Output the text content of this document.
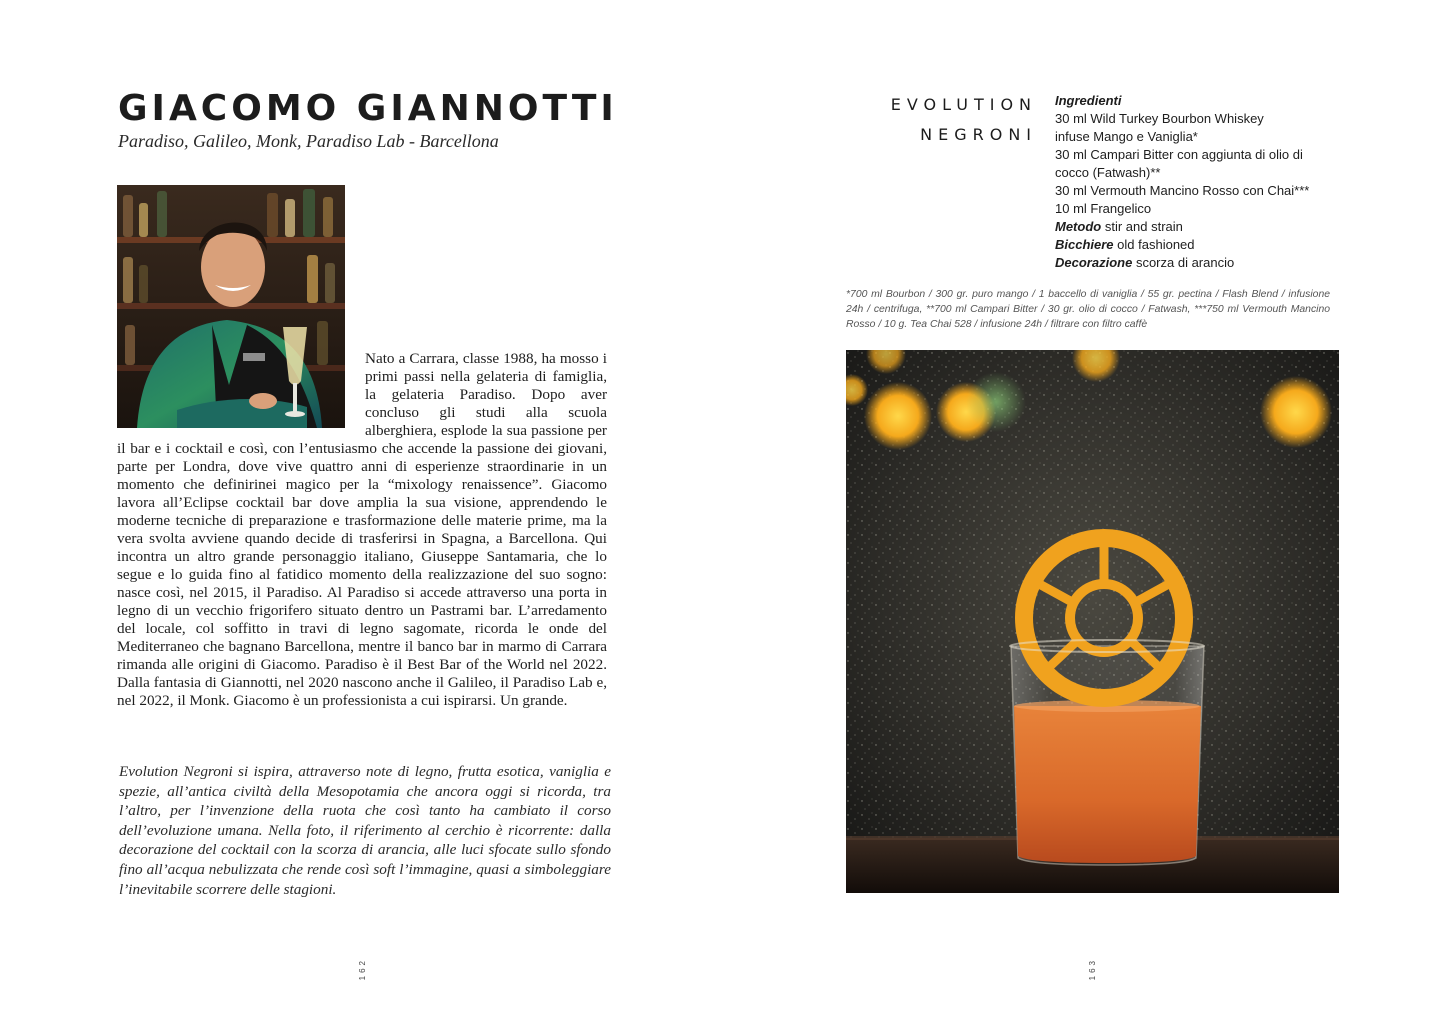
GIACOMO GIANNOTTI
Paradiso, Galileo, Monk, Paradiso Lab - Barcellona

Nato a Carrara, classe 1988, ha mosso i primi passi nella gelateria di famiglia, la gelateria Paradiso. Dopo aver concluso gli studi alla scuola alberghiera, esplode la sua passione per il bar e i cocktail e così, con l’entusiasmo che accende la passione dei giovani, parte per Londra, dove vive quattro anni di esperienze straordinarie in un momento che definirinei magico per la “mixology renaissence”. Giacomo lavora all’Eclipse cocktail bar dove amplia la sua visione, apprendendo le moderne tecniche di preparazione e trasformazione delle materie prime, ma la vera svolta avviene quando decide di trasferirsi in Spagna, a Barcellona. Qui incontra un altro grande personaggio italiano, Giuseppe Santamaria, che lo segue e lo guida fino al fatidico momento della realizzazione del suo sogno: nasce così, nel 2015, il Paradiso. Al Paradiso si accede attraverso una porta in legno di un vecchio frigorifero situato dentro un Pastrami bar. L’arredamento del locale, col soffitto in travi di legno sagomate, ricorda le onde del Mediterraneo che bagnano Barcellona, mentre il banco bar in marmo di Carrara rimanda alle origini di Giacomo. Paradiso è il Best Bar of the World nel 2022. Dalla fantasia di Giannotti, nel 2020 nascono anche il Galileo, il Paradiso Lab e, nel 2022, il Monk. Giacomo è un professionista a cui ispirarsi. Un grande.

Evolution Negroni si ispira, attraverso note di legno, frutta esotica, vaniglia e spezie, all’antica civiltà della Mesopotamia che ancora oggi si ricorda, tra l’altro, per l’invenzione della ruota che così tanto ha cambiato il corso dell’evoluzione umana. Nella foto, il riferimento al cerchio è ricorrente: dalla decorazione del cocktail con la scorza di arancia, alle luci sfocate sullo sfondo fino all’acqua nebulizzata che rende così soft l’immagine, quasi a simboleggiare l’inevitabile scorrere delle stagioni.

162
EVOLUTION
NEGRONI
Ingredienti
30 ml Wild Turkey Bourbon Whiskey
infuse Mango e Vaniglia*
30 ml Campari Bitter con aggiunta di olio di cocco (Fatwash)**
30 ml Vermouth Mancino Rosso con Chai***
10 ml Frangelico
Metodo stir and strain
Bicchiere old fashioned
Decorazione scorza di arancio
*700 ml Bourbon / 300 gr. puro mango / 1 baccello di vaniglia / 55 gr. pectina / Flash Blend / infusione 24h / centrifuga, **700 ml Campari Bitter / 30 gr. olio di cocco / Fatwash, ***750 ml Vermouth Mancino Rosso / 10 g. Tea Chai 528 / infusione 24h / filtrare con filtro caffè
163
